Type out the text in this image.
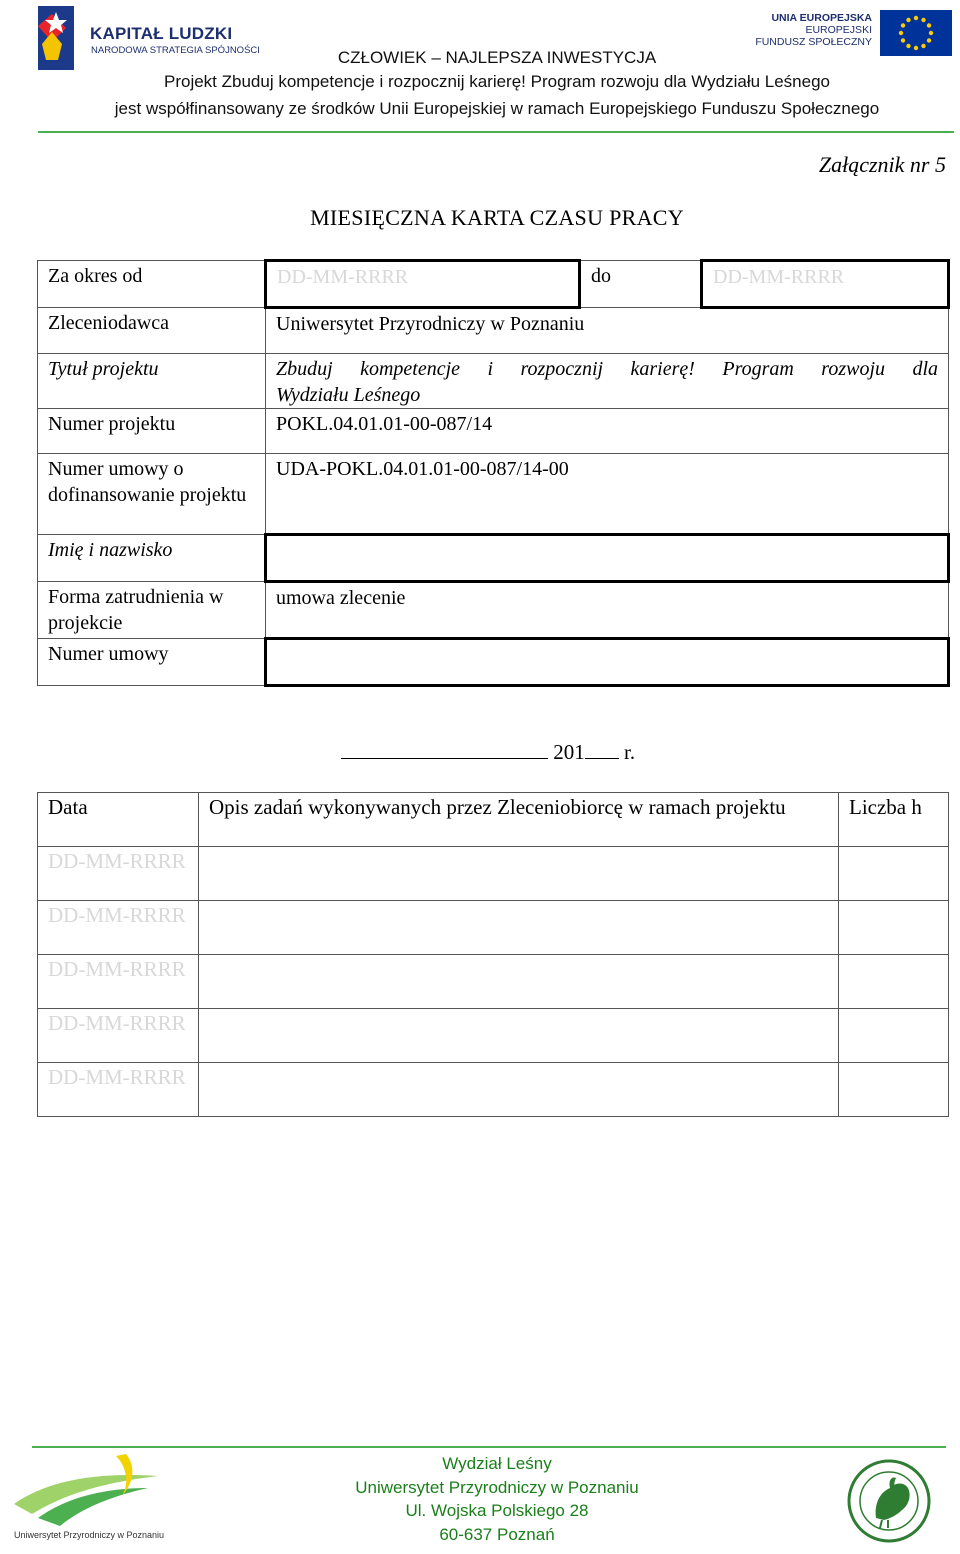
KAPITAŁ LUDZKI
NARODOWA STRATEGIA SPÓJNOŚCI
UNIA EUROPEJSKA
EUROPEJSKI
FUNDUSZ SPOŁECZNY
CZŁOWIEK – NAJLEPSZA INWESTYCJA
Projekt Zbuduj kompetencje i rozpocznij karierę! Program rozwoju dla Wydziału Leśnego
jest współfinansowany ze środków Unii Europejskiej w ramach Europejskiego Funduszu Społecznego
Załącznik nr 5
MIESIĘCZNA KARTA CZASU PRACY
Za okres od	DD-MM-RRRR	do	DD-MM-RRRR
Zleceniodawca	Uniwersytet Przyrodniczy w Poznaniu		
Tytuł projektu	Zbuduj kompetencje i rozpocznij karierę! Program rozwoju dla
Wydziału Leśnego		

Numer projektu	POKL.04.01.01-00-087/14		
Numer umowy o dofinansowanie projektu	UDA-POKL.04.01.01-00-087/14-00		
Imię i nazwisko			
Forma zatrudnienia w projekcie	umowa zlecenie		
Numer umowy			
201 r.
Data	Opis zadań wykonywanych przez Zleceniobiorcę w ramach projektu	Liczba h
DD-MM-RRRR		
DD-MM-RRRR		
DD-MM-RRRR		
DD-MM-RRRR		
DD-MM-RRRR		
Uniwersytet Przyrodniczy w Poznaniu
Wydział Leśny
Uniwersytet Przyrodniczy w Poznaniu
Ul. Wojska Polskiego 28
60-637 Poznań
